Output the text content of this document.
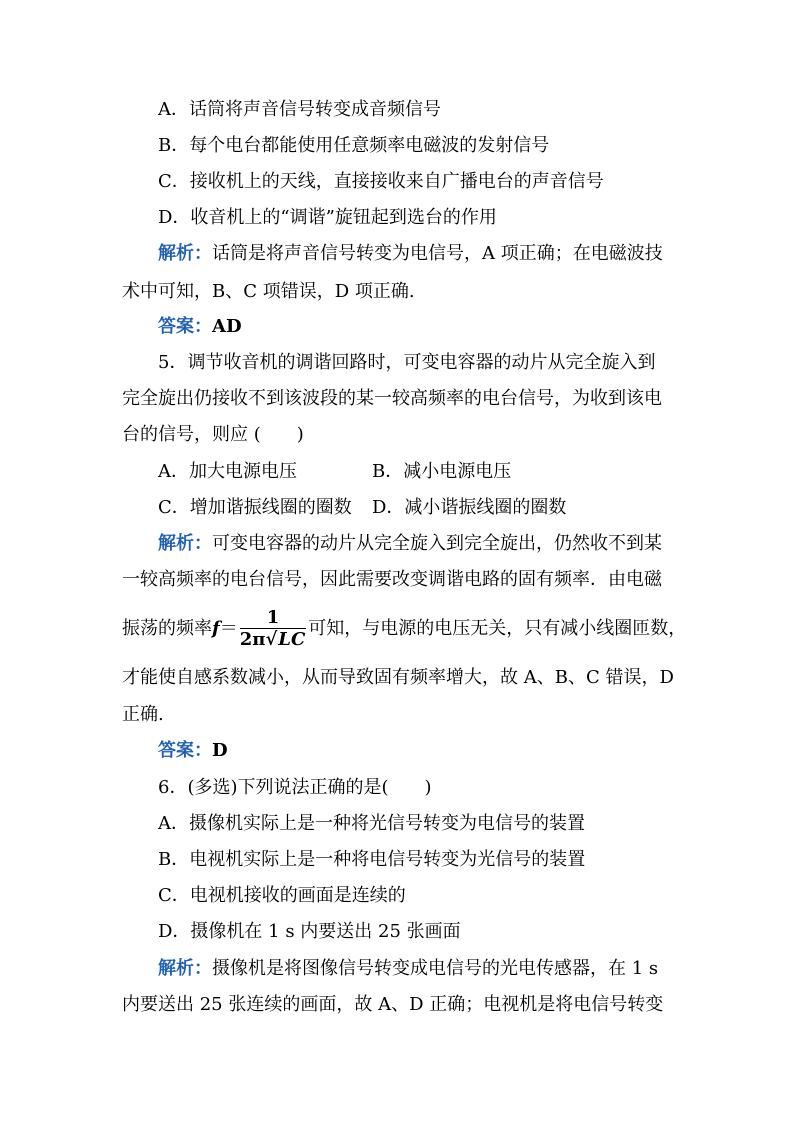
A．话筒将声音信号转变成音频信号
B．每个电台都能使用任意频率电磁波的发射信号
C．接收机上的天线，直接接收来自广播电台的声音信号
D．收音机上的“调谐”旋钮起到选台的作用
解析：话筒是将声音信号转变为电信号，A 项正确；在电磁波技
术中可知，B、C 项错误，D 项正确.
答案：AD
5．调节收音机的调谐回路时，可变电容器的动片从完全旋入到
完全旋出仍接收不到该波段的某一较高频率的电台信号，为收到该电
台的信号，则应 (　　)
A．加大电源电压	B．减小电源电压
C．增加谐振线圈的圈数 D．减小谐振线圈的圈数
解析：可变电容器的动片从完全旋入到完全旋出，仍然收不到某
一较高频率的电台信号，因此需要改变调谐电路的固有频率．由电磁
振荡的频率$f= \frac{1}{2\pi√LC}$ 可知，与电源的电压无关，只有减小线圈匝数，
才能使自感系数减小，从而导致固有频率增大，故 A、B、C 错误，D
正确.
答案：D
6．(多选)下列说法正确的是(　　)
A．摄像机实际上是一种将光信号转变为电信号的装置
B．电视机实际上是一种将电信号转变为光信号的装置
C．电视机接收的画面是连续的
D．摄像机在 1 s 内要送出 25 张画面
解析：摄像机是将图像信号转变成电信号的光电传感器，在 1 s
内要送出 25 张连续的画面，故 A、D 正确；电视机是将电信号转变
